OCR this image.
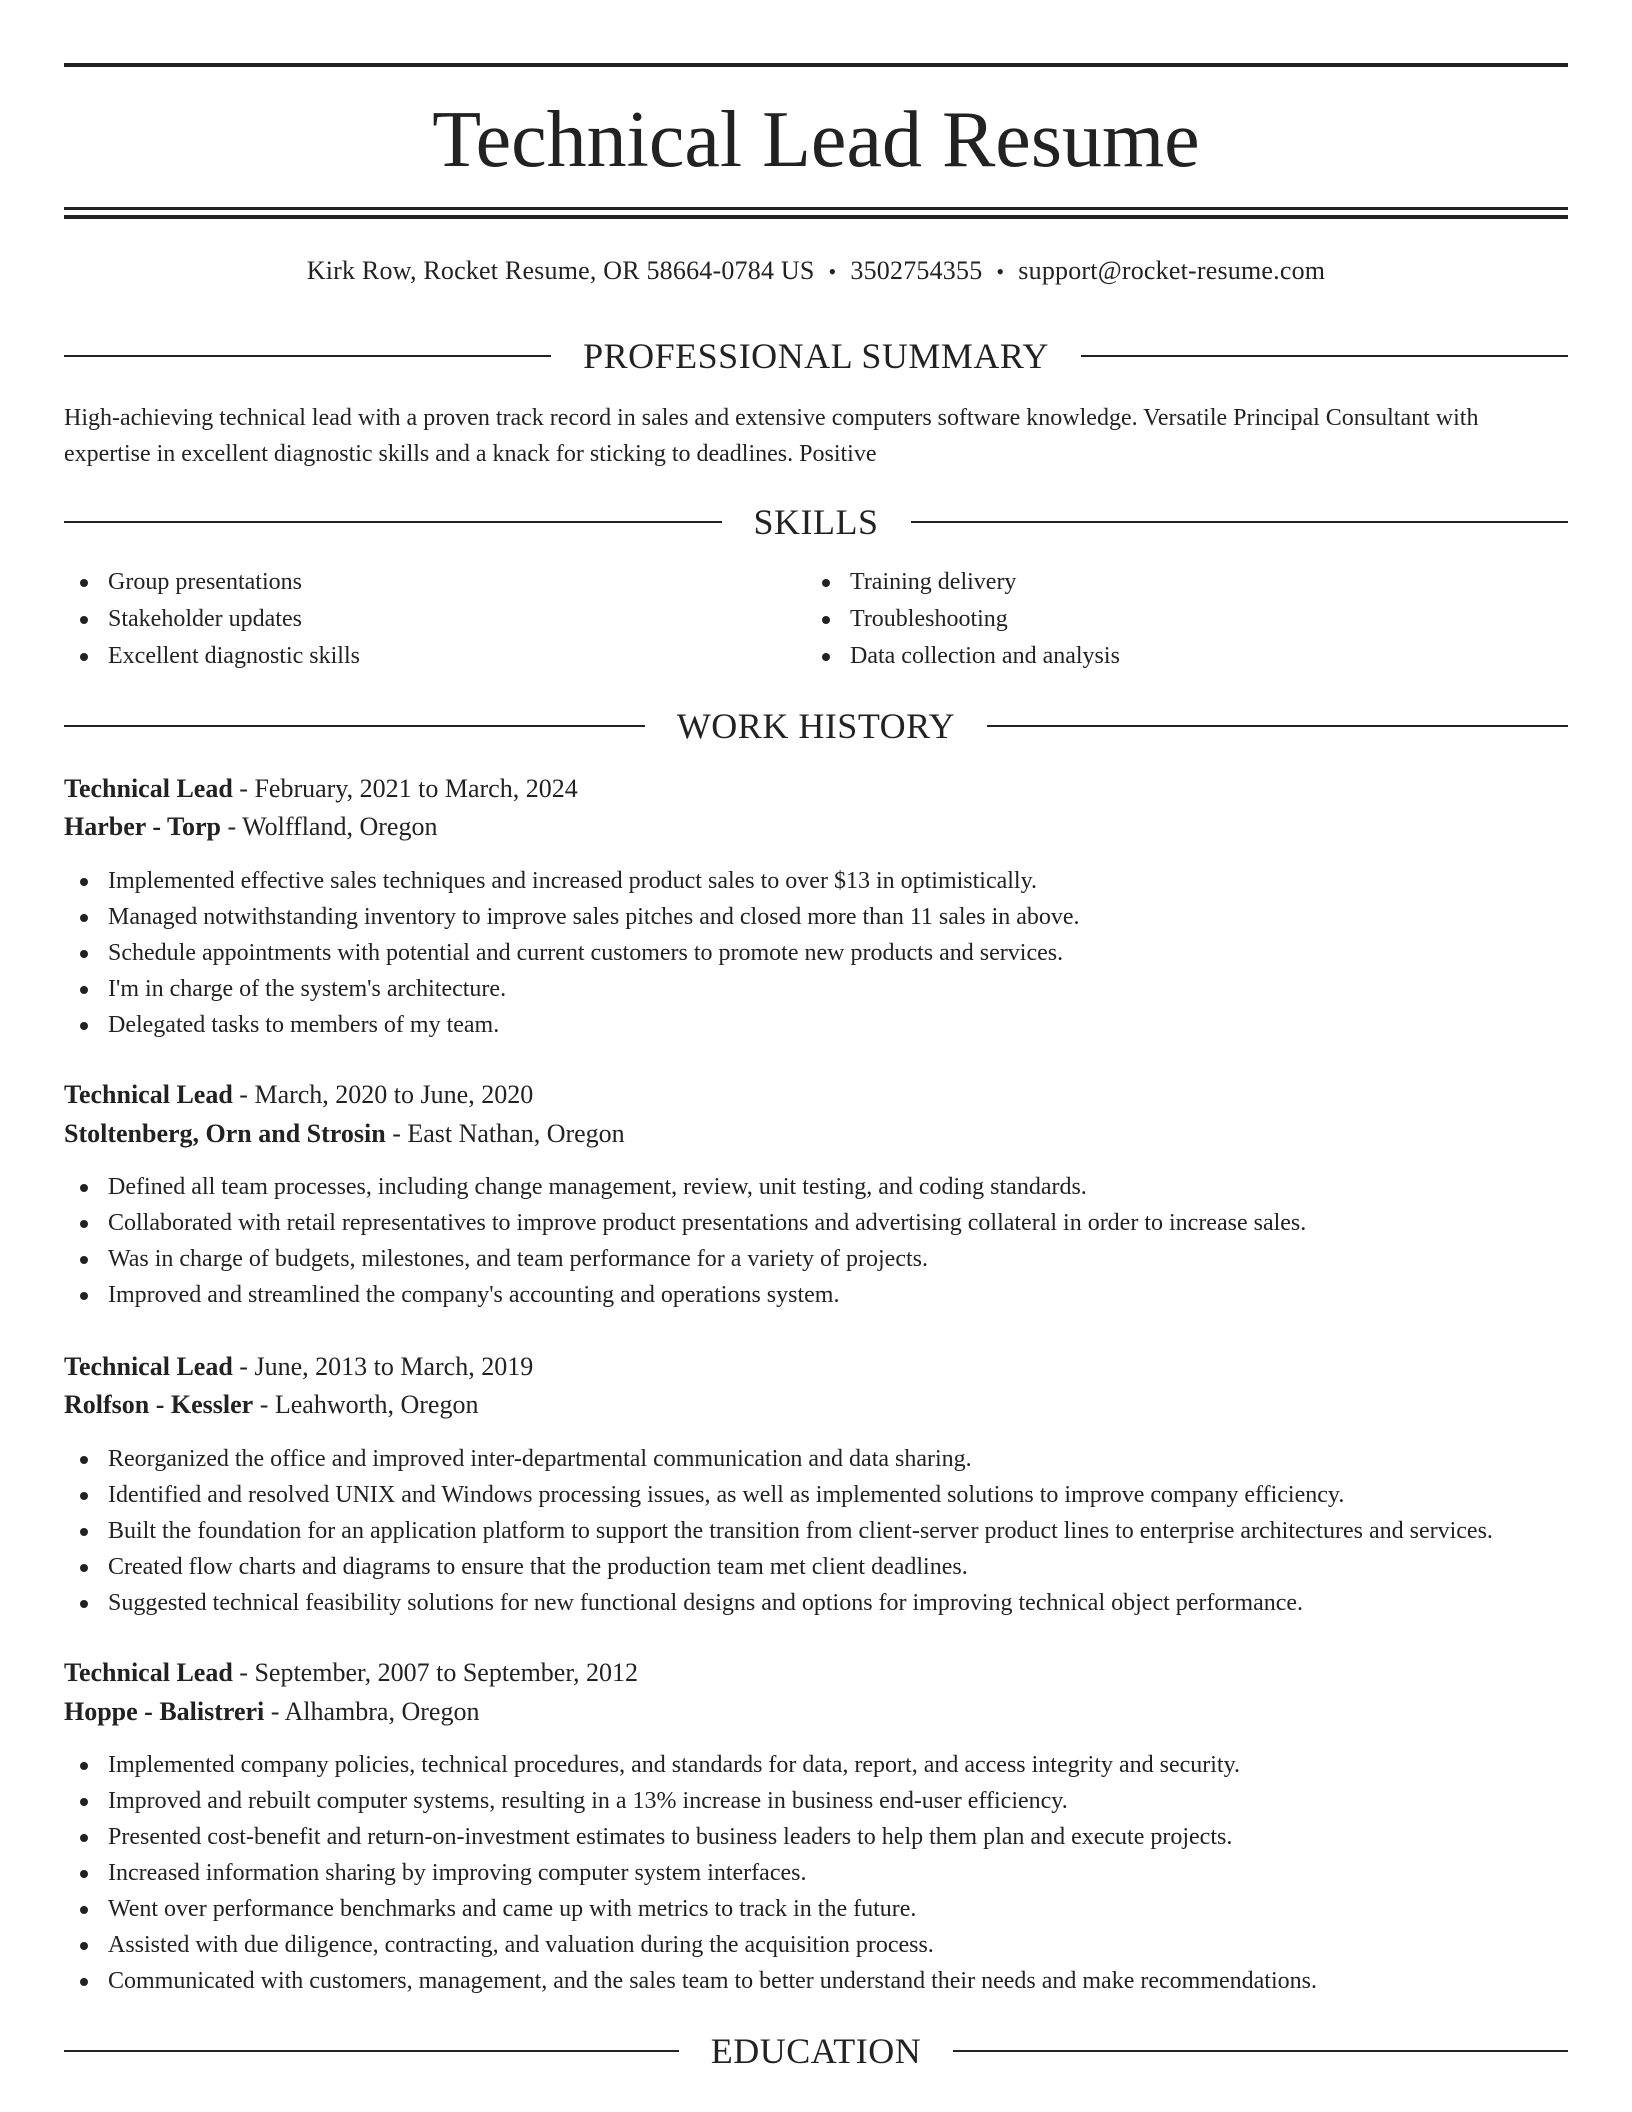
Technical Lead Resume
Kirk Row, Rocket Resume, OR 58664-0784 US • 3502754355 • support@rocket-resume.com
PROFESSIONAL SUMMARY

High-achieving technical lead with a proven track record in sales and extensive computers software knowledge. Versatile Principal Consultant with expertise in excellent diagnostic skills and a knack for sticking to deadlines. Positive

SKILLS
Group presentations
Stakeholder updates
Excellent diagnostic skills
Training delivery
Troubleshooting
Data collection and analysis
WORK HISTORY
Technical Lead - February, 2021 to March, 2024
Harber - Torp - Wolffland, Oregon
Implemented effective sales techniques and increased product sales to over $13 in optimistically.
Managed notwithstanding inventory to improve sales pitches and closed more than 11 sales in above.
Schedule appointments with potential and current customers to promote new products and services.
I'm in charge of the system's architecture.
Delegated tasks to members of my team.
Technical Lead - March, 2020 to June, 2020
Stoltenberg, Orn and Strosin - East Nathan, Oregon
Defined all team processes, including change management, review, unit testing, and coding standards.
Collaborated with retail representatives to improve product presentations and advertising collateral in order to increase sales.
Was in charge of budgets, milestones, and team performance for a variety of projects.
Improved and streamlined the company's accounting and operations system.
Technical Lead - June, 2013 to March, 2019
Rolfson - Kessler - Leahworth, Oregon
Reorganized the office and improved inter-departmental communication and data sharing.
Identified and resolved UNIX and Windows processing issues, as well as implemented solutions to improve company efficiency.
Built the foundation for an application platform to support the transition from client-server product lines to enterprise architectures and services.
Created flow charts and diagrams to ensure that the production team met client deadlines.
Suggested technical feasibility solutions for new functional designs and options for improving technical object performance.
Technical Lead - September, 2007 to September, 2012
Hoppe - Balistreri - Alhambra, Oregon
Implemented company policies, technical procedures, and standards for data, report, and access integrity and security.
Improved and rebuilt computer systems, resulting in a 13% increase in business end-user efficiency.
Presented cost-benefit and return-on-investment estimates to business leaders to help them plan and execute projects.
Increased information sharing by improving computer system interfaces.
Went over performance benchmarks and came up with metrics to track in the future.
Assisted with due diligence, contracting, and valuation during the acquisition process.
Communicated with customers, management, and the sales team to better understand their needs and make recommendations.
EDUCATION
